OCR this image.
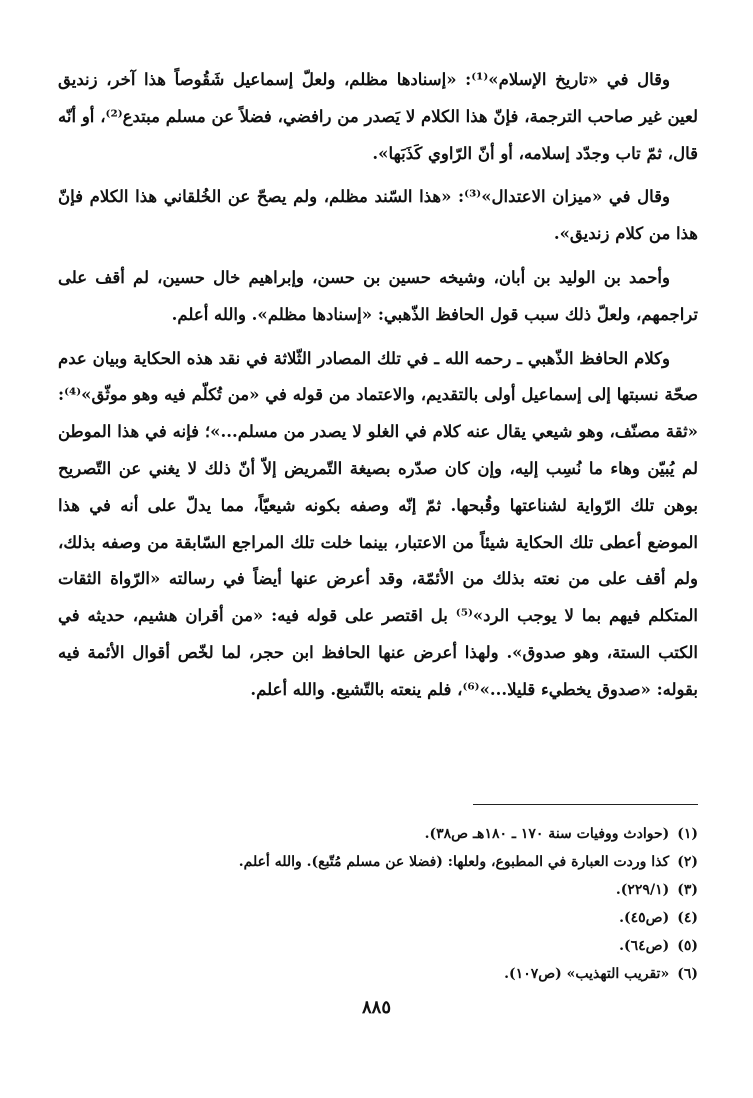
وقال في «تاريخ الإسلام»⁽¹⁾: «إسنادها مظلم، ولعلّ إسماعيل شَقُوصاً هذا آخر، زنديق لعين غير صاحب الترجمة، فإنّ هذا الكلام لا يَصدر من رافضي، فضلاً عن مسلم مبتدع⁽²⁾، أو أنّه قال، ثمّ تاب وجدّد إسلامه، أو أنّ الرّاوي كَذَبَها».

وقال في «ميزان الاعتدال»⁽³⁾: «هذا السّند مظلم، ولم يصحّ عن الخُلقاني هذا الكلام فإنّ هذا من كلام زنديق».

وأحمد بن الوليد بن أبان، وشيخه حسين بن حسن، وإبراهيم خال حسين، لم أقف على تراجمهم، ولعلّ ذلك سبب قول الحافظ الذّهبي: «إسنادها مظلم». والله أعلم.

وكلام الحافظ الذّهبي ـ رحمه الله ـ في تلك المصادر الثّلاثة في نقد هذه الحكاية وبيان عدم صحّة نسبتها إلى إسماعيل أولى بالتقديم، والاعتماد من قوله في «من تُكلّم فيه وهو موثّق»⁽⁴⁾: «ثقة مصنّف، وهو شيعي يقال عنه كلام في الغلو لا يصدر من مسلم...»؛ فإنه في هذا الموطن لم يُبيّن وهاء ما نُسِب إليه، وإن كان صدّره بصيغة التّمريض إلاّ أنّ ذلك لا يغني عن التّصريح بوهن تلك الرّواية لشناعتها وقُبحها. ثمّ إنّه وصفه بكونه شيعيّاً، مما يدلّ على أنه في هذا الموضع أعطى تلك الحكاية شيئاً من الاعتبار، بينما خلت تلك المراجع السّابقة من وصفه بذلك، ولم أقف على من نعته بذلك من الأئمّة، وقد أعرض عنها أيضاً في رسالته «الرّواة الثقات المتكلم فيهم بما لا يوجب الرد»⁽⁵⁾ بل اقتصر على قوله فيه: «من أقران هشيم، حديثه في الكتب الستة، وهو صدوق». ولهذا أعرض عنها الحافظ ابن حجر، لما لخّص أقوال الأئمة فيه بقوله: «صدوق يخطيء قليلا...»⁽⁶⁾، فلم ينعته بالتّشيع. والله أعلم.

(١)
(حوادث ووفيات سنة ١٧٠ ـ ١٨٠هـ ص٣٨).
(٢)
كذا وردت العبارة في المطبوع، ولعلها: (فضلا عن مسلم مُتّبع). والله أعلم.
(٣)
(٢٢٩/١).
(٤)
(ص٤٥).
(٥)
(ص٦٤).
(٦)
«تقريب التهذيب» (ص١٠٧).
٨٨٥
